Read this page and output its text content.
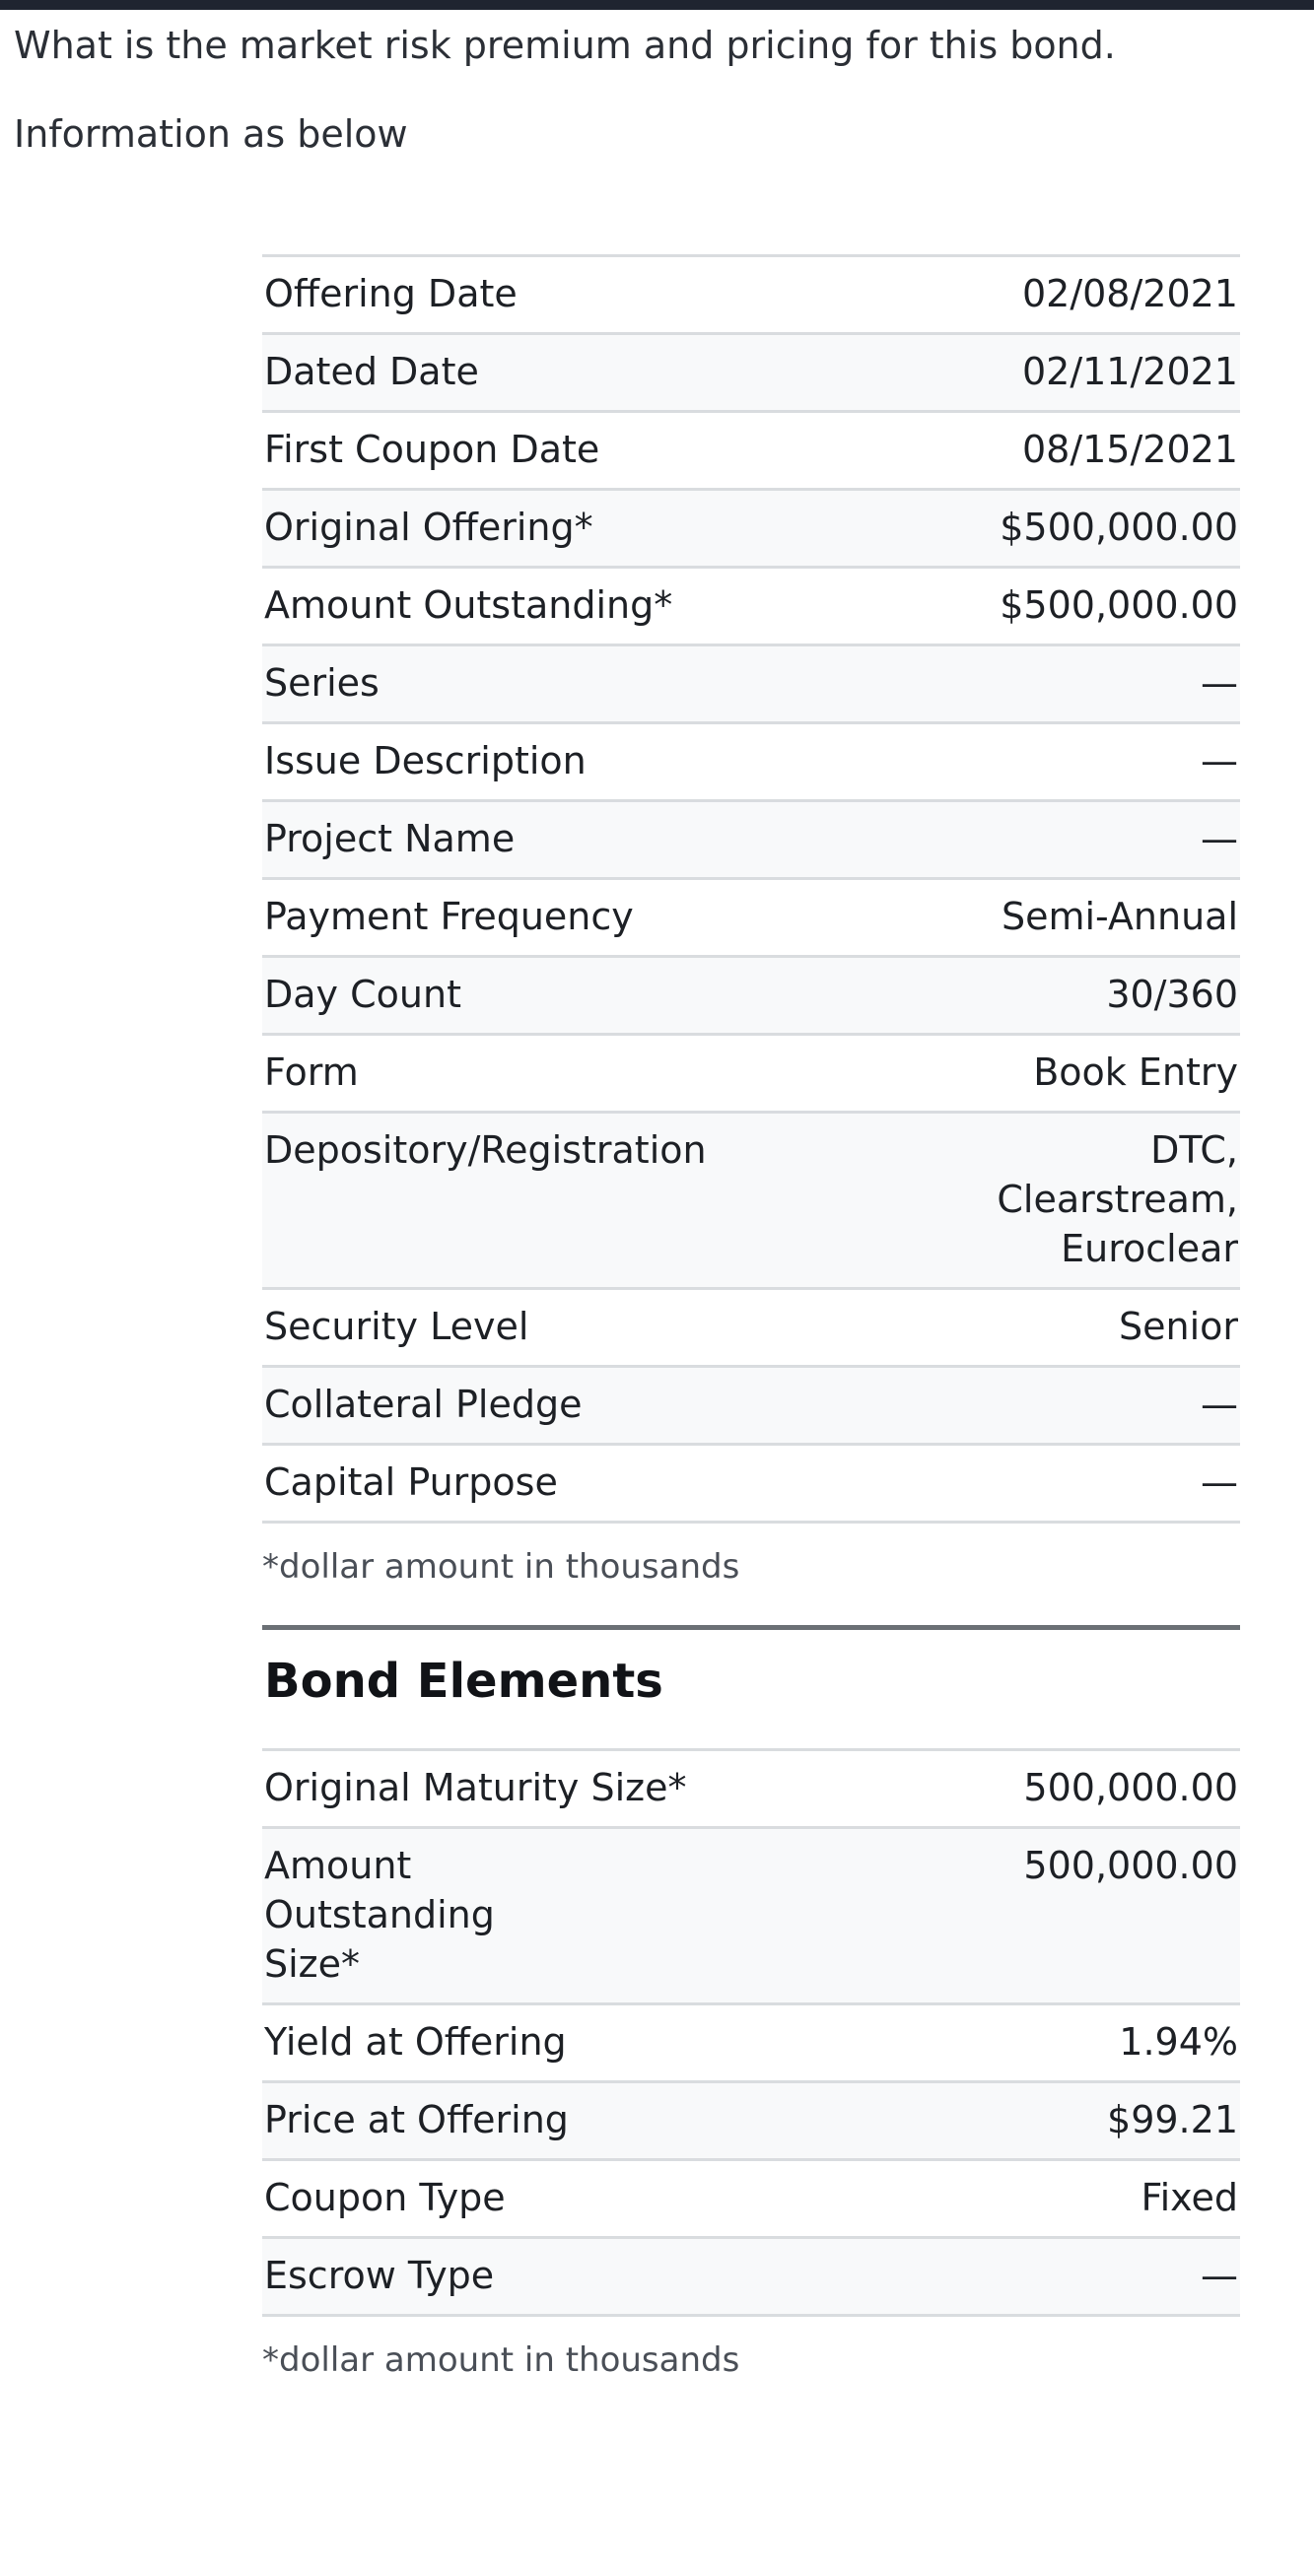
What is the market risk premium and pricing for this bond.

Information as below

Offering Date	02/08/2021
Dated Date	02/11/2021
First Coupon Date	08/15/2021
Original Offering*	$500,000.00
Amount Outstanding*	$500,000.00
Series	—
Issue Description	—
Project Name	—
Payment Frequency	Semi-Annual
Day Count	30/360
Form	Book Entry
Depository/Registration	DTC, Clearstream, Euroclear
Security Level	Senior
Collateral Pledge	—
Capital Purpose	—
*dollar amount in thousands
Bond Elements
Original Maturity Size*	500,000.00
Amount Outstanding Size*	500,000.00
Yield at Offering	1.94%
Price at Offering	$99.21
Coupon Type	Fixed
Escrow Type	—
*dollar amount in thousands
